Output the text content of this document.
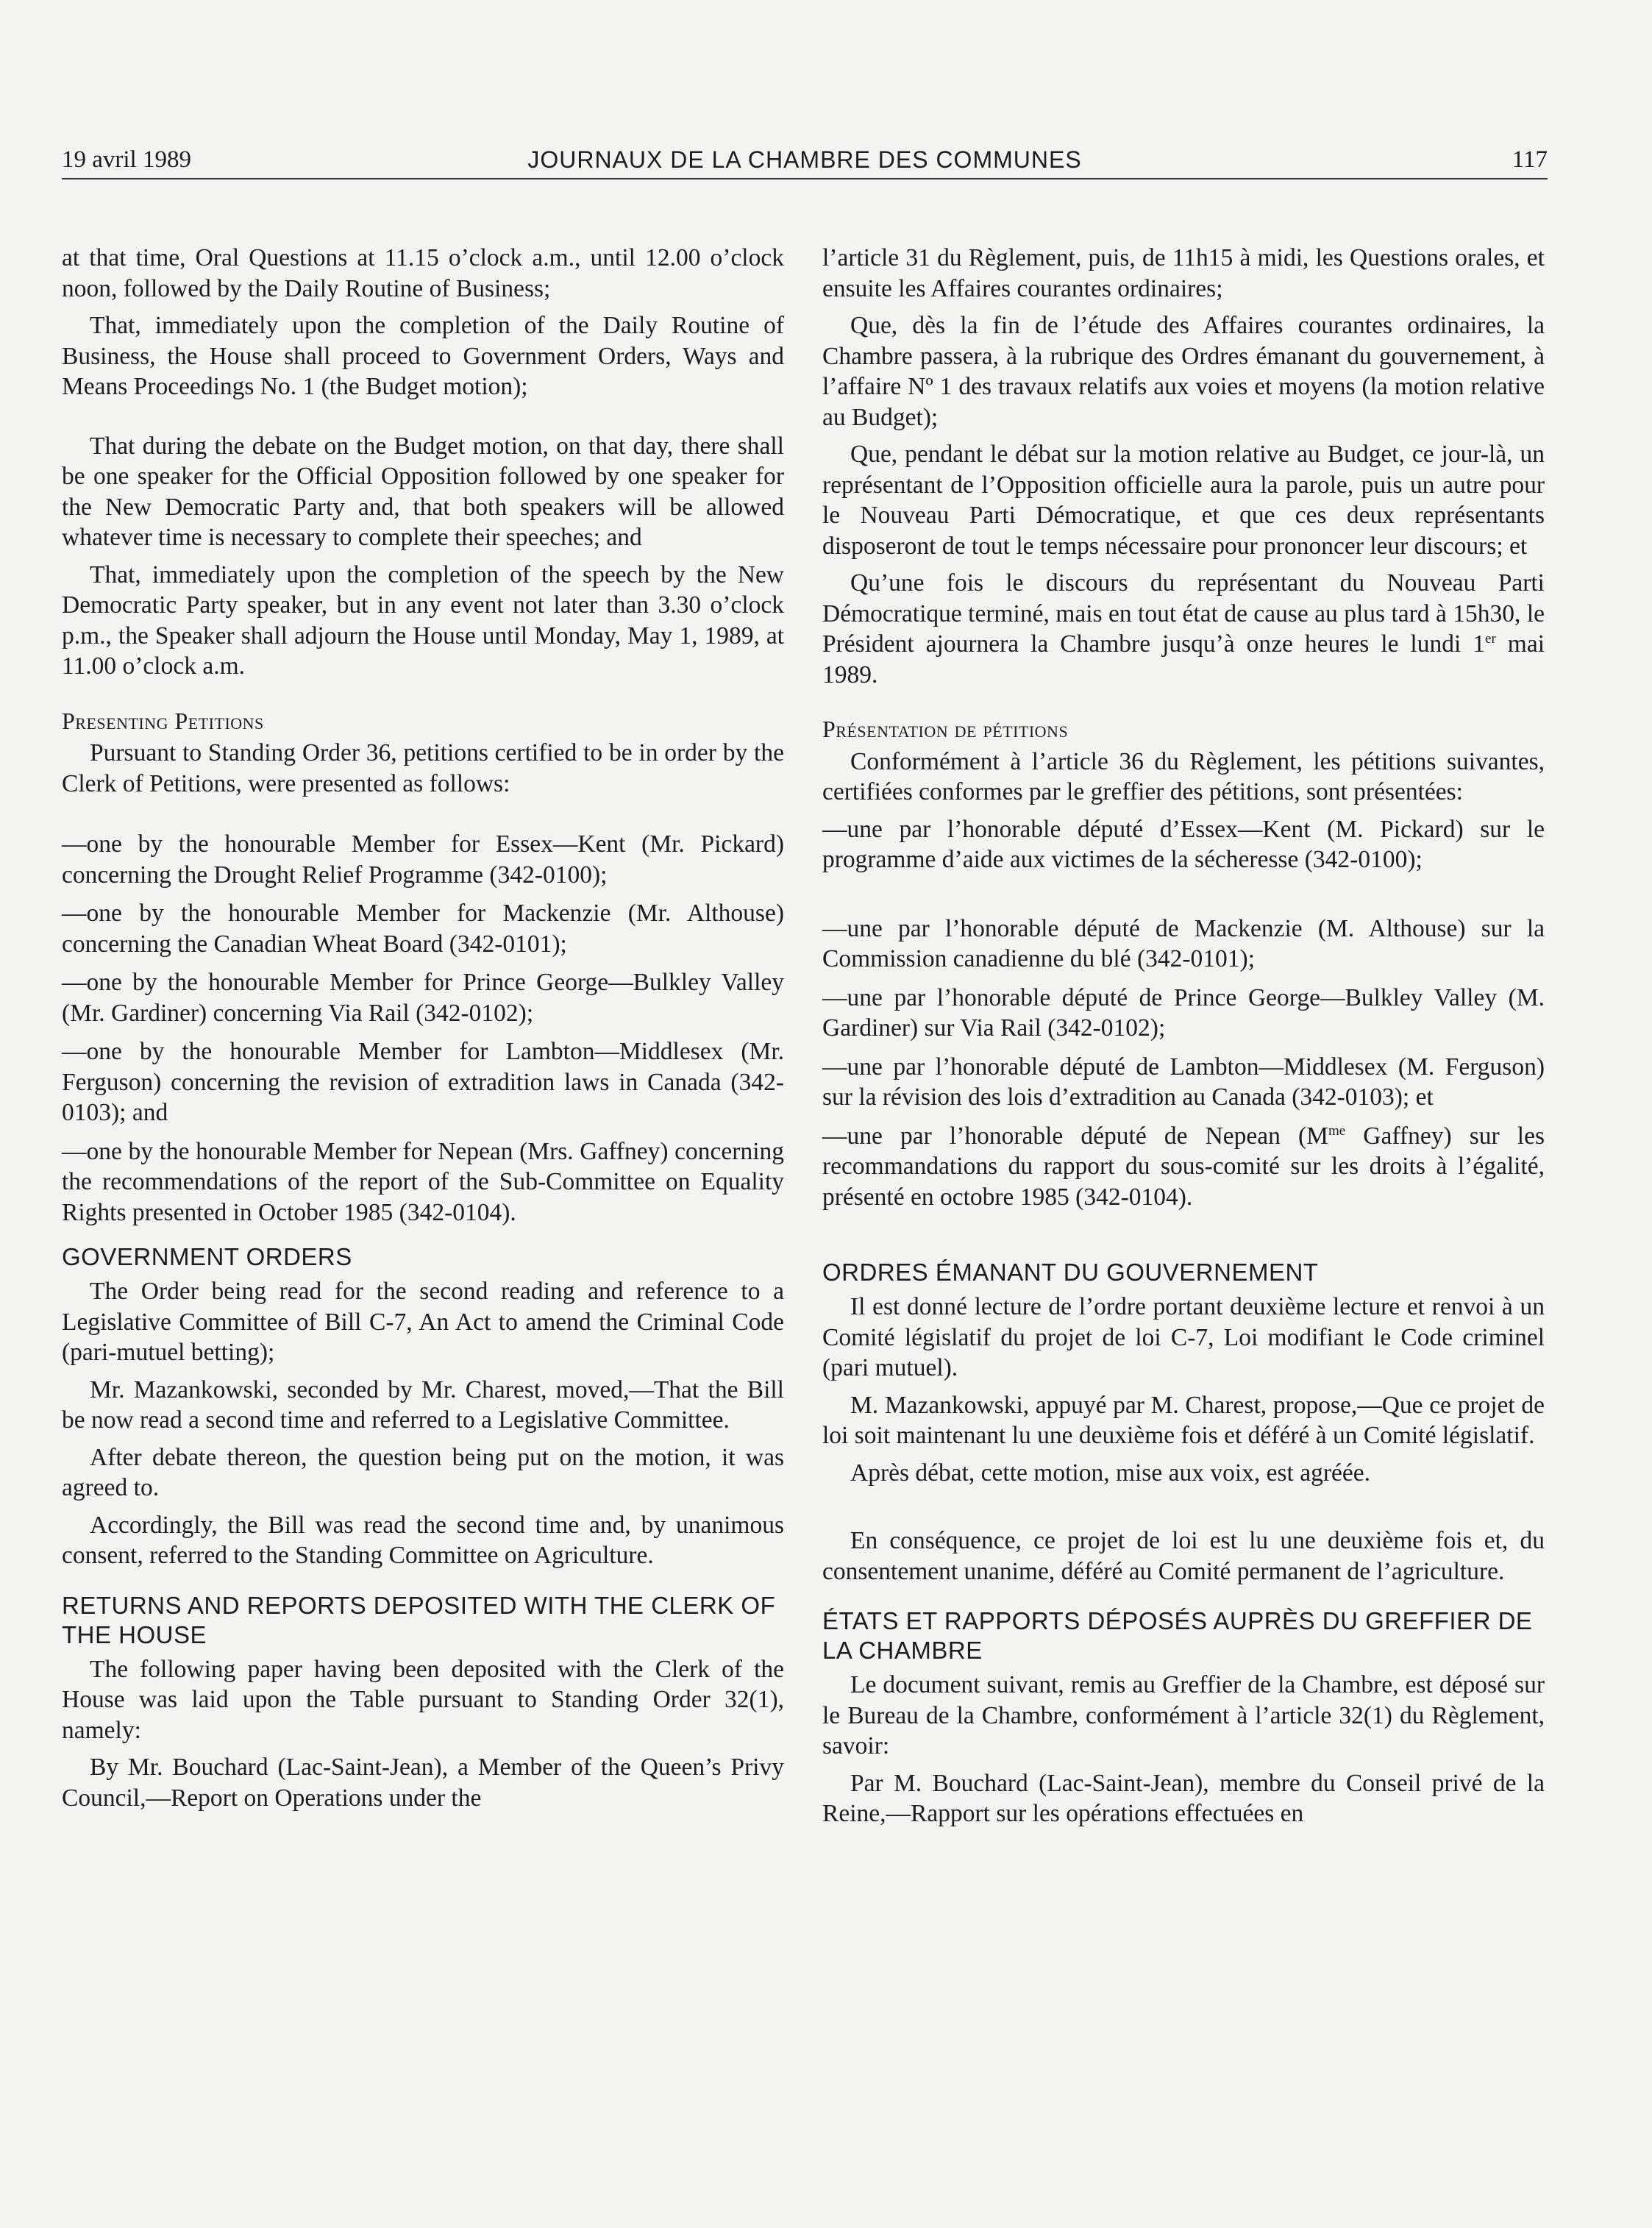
19 avril 1989	JOURNAUX DE LA CHAMBRE DES COMMUNES	117

at that time, Oral Questions at 11.15 o’clock a.m., until 12.00 o’clock noon, followed by the Daily Routine of Business;

That, immediately upon the completion of the Daily Routine of Business, the House shall proceed to Government Orders, Ways and Means Proceedings No. 1 (the Budget motion);

That during the debate on the Budget motion, on that day, there shall be one speaker for the Official Opposition followed by one speaker for the New Democratic Party and, that both speakers will be allowed whatever time is necessary to complete their speeches; and

That, immediately upon the completion of the speech by the New Democratic Party speaker, but in any event not later than 3.30 o’clock p.m., the Speaker shall adjourn the House until Monday, May 1, 1989, at 11.00 o’clock a.m.

Presenting Petitions

Pursuant to Standing Order 36, petitions certified to be in order by the Clerk of Petitions, were presented as follows:

—one by the honourable Member for Essex—Kent (Mr. Pickard) concerning the Drought Relief Programme (342-0100);

—one by the honourable Member for Mackenzie (Mr. Althouse) concerning the Canadian Wheat Board (342-0101);

—one by the honourable Member for Prince George—Bulkley Valley (Mr. Gardiner) concerning Via Rail (342-0102);

—one by the honourable Member for Lambton—Middlesex (Mr. Ferguson) concerning the revision of extradition laws in Canada (342-0103); and

—one by the honourable Member for Nepean (Mrs. Gaffney) concerning the recommendations of the report of the Sub-Committee on Equality Rights presented in October 1985 (342-0104).

GOVERNMENT ORDERS

The Order being read for the second reading and reference to a Legislative Committee of Bill C-7, An Act to amend the Criminal Code (pari-mutuel betting);

Mr. Mazankowski, seconded by Mr. Charest, moved,—That the Bill be now read a second time and referred to a Legislative Committee.

After debate thereon, the question being put on the motion, it was agreed to.

Accordingly, the Bill was read the second time and, by unanimous consent, referred to the Standing Committee on Agriculture.

RETURNS AND REPORTS DEPOSITED WITH THE CLERK OF THE HOUSE

The following paper having been deposited with the Clerk of the House was laid upon the Table pursuant to Standing Order 32(1), namely:

By Mr. Bouchard (Lac-Saint-Jean), a Member of the Queen’s Privy Council,—Report on Operations under the

l’article 31 du Règlement, puis, de 11h15 à midi, les Questions orales, et ensuite les Affaires courantes ordinaires;

Que, dès la fin de l’étude des Affaires courantes ordinaires, la Chambre passera, à la rubrique des Ordres émanant du gouvernement, à l’affaire Nº 1 des travaux relatifs aux voies et moyens (la motion relative au Budget);

Que, pendant le débat sur la motion relative au Budget, ce jour-là, un représentant de l’Opposition officielle aura la parole, puis un autre pour le Nouveau Parti Démocratique, et que ces deux représentants disposeront de tout le temps nécessaire pour prononcer leur discours; et

Qu’une fois le discours du représentant du Nouveau Parti Démocratique terminé, mais en tout état de cause au plus tard à 15h30, le Président ajournera la Chambre jusqu’à onze heures le lundi 1er mai 1989.

Présentation de pétitions

Conformément à l’article 36 du Règlement, les pétitions suivantes, certifiées conformes par le greffier des pétitions, sont présentées:

—une par l’honorable député d’Essex—Kent (M. Pickard) sur le programme d’aide aux victimes de la sécheresse (342-0100);

—une par l’honorable député de Mackenzie (M. Althouse) sur la Commission canadienne du blé (342-0101);

—une par l’honorable député de Prince George—Bulkley Valley (M. Gardiner) sur Via Rail (342-0102);

—une par l’honorable député de Lambton—Middlesex (M. Ferguson) sur la révision des lois d’extradition au Canada (342-0103); et

—une par l’honorable député de Nepean ($M^{me}$ Gaffney) sur les recommandations du rapport du sous-comité sur les droits à l’égalité, présenté en octobre 1985 (342-0104).

ORDRES ÉMANANT DU GOUVERNEMENT

Il est donné lecture de l’ordre portant deuxième lecture et renvoi à un Comité législatif du projet de loi C-7, Loi modifiant le Code criminel (pari mutuel).

M. Mazankowski, appuyé par M. Charest, propose,—Que ce projet de loi soit maintenant lu une deuxième fois et déféré à un Comité législatif.

Après débat, cette motion, mise aux voix, est agréée.

En conséquence, ce projet de loi est lu une deuxième fois et, du consentement unanime, déféré au Comité permanent de l’agriculture.

ÉTATS ET RAPPORTS DÉPOSÉS AUPRÈS DU GREFFIER DE LA CHAMBRE

Le document suivant, remis au Greffier de la Chambre, est déposé sur le Bureau de la Chambre, conformément à l’article 32(1) du Règlement, savoir:

Par M. Bouchard (Lac-Saint-Jean), membre du Conseil privé de la Reine,—Rapport sur les opérations effectuées en
